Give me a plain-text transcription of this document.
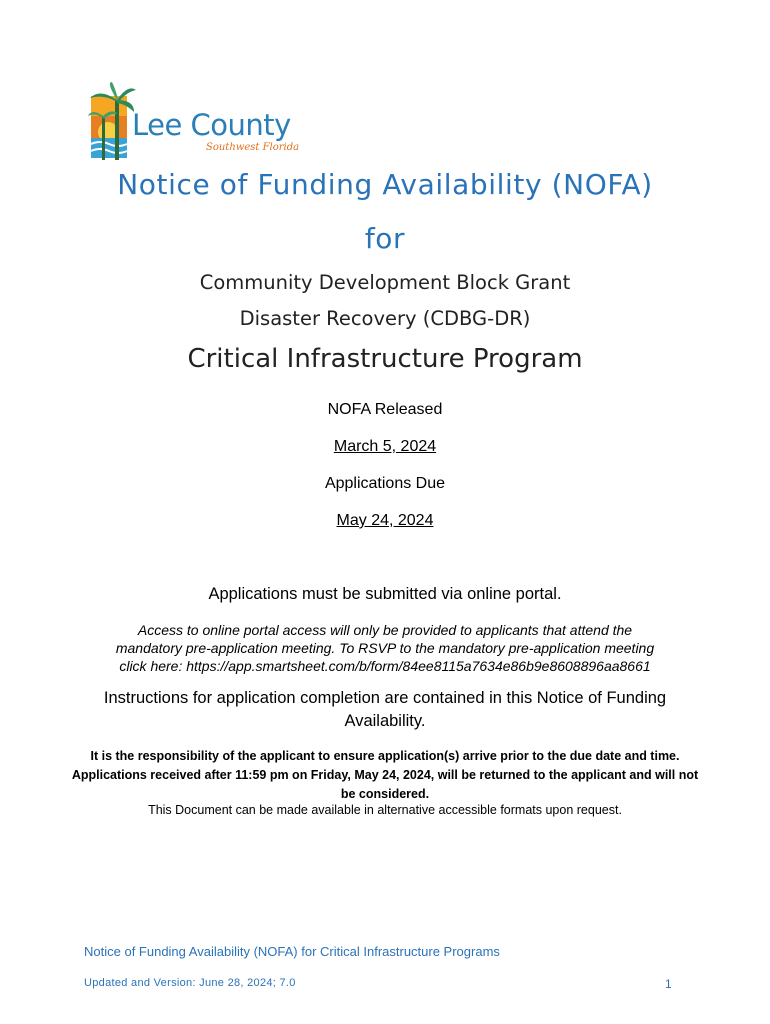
Lee County
Southwest Florida
Notice of Funding Availability (NOFA)
for
Community Development Block Grant
Disaster Recovery (CDBG-DR)
Critical Infrastructure Program
NOFA Released
March 5, 2024
Applications Due
May 24, 2024
Applications must be submitted via online portal.
Access to online portal access will only be provided to applicants that attend the
mandatory pre-application meeting. To RSVP to the mandatory pre-application meeting
click here: https://app.smartsheet.com/b/form/84ee8115a7634e86b9e8608896aa8661
Instructions for application completion are contained in this Notice of Funding Availability.
It is the responsibility of the applicant to ensure application(s) arrive prior to the due date and time. Applications received after 11:59 pm on Friday, May 24, 2024, will be returned to the applicant and will not be considered.
This Document can be made available in alternative accessible formats upon request.
Notice of Funding Availability (NOFA) for Critical Infrastructure Programs
Updated and Version: June 28, 2024; 7.0	1
